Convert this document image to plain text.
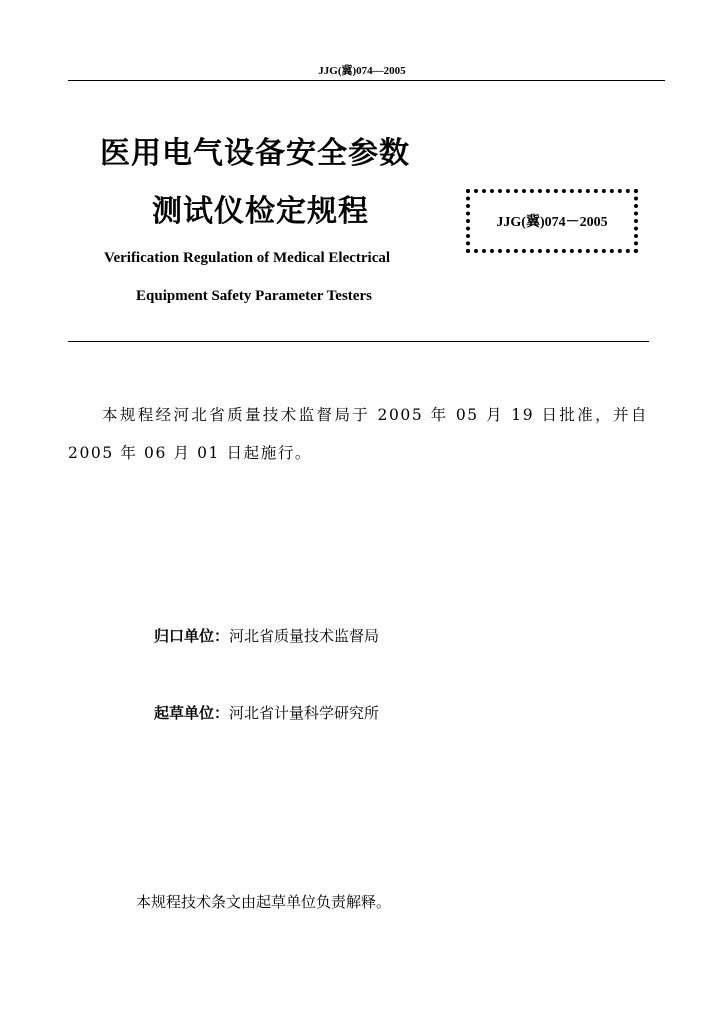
JJG(冀)074—2005
医用电气设备安全参数
测试仪检定规程	JJG(冀)074－2005
Verification Regulation of Medical Electrical
Equipment Safety Parameter Testers
本规程经河北省质量技术监督局于 2005 年 05 月 19 日批准，并自 2005 年 06 月 01 日起施行。
归口单位：河北省质量技术监督局
起草单位：河北省计量科学研究所
本规程技术条文由起草单位负责解释。
